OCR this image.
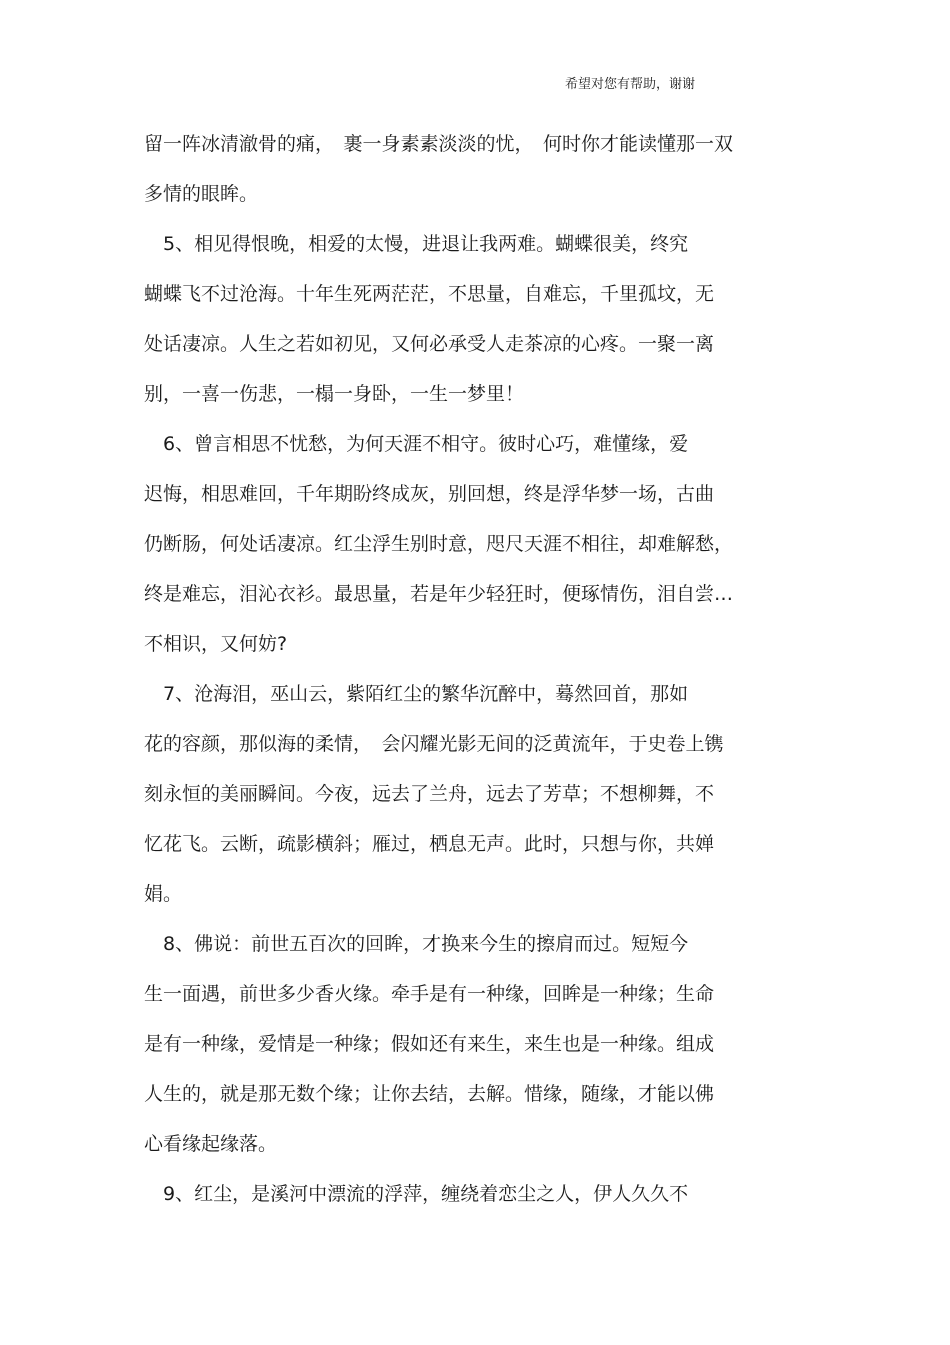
希望对您有帮助，谢谢
留一阵冰清澈骨的痛，　裹一身素素淡淡的忧，　何时你才能读懂那一双
多情的眼眸。
　5、相见得恨晚，相爱的太慢，进退让我两难。蝴蝶很美，终究
蝴蝶飞不过沧海。十年生死两茫茫，不思量，自难忘，千里孤坟，无
处话凄凉。人生之若如初见，又何必承受人走茶凉的心疼。一聚一离
别，一喜一伤悲，一榻一身卧，一生一梦里！
　6、曾言相思不忧愁，为何天涯不相守。彼时心巧，难懂缘，爱
迟悔，相思难回，千年期盼终成灰，别回想，终是浮华梦一场，古曲
仍断肠，何处话凄凉。红尘浮生别时意，咫尺天涯不相往，却难解愁，
终是难忘，泪沁衣衫。最思量，若是年少轻狂时，便琢情伤，泪自尝…
不相识，又何妨?
　7、沧海泪，巫山云，紫陌红尘的繁华沉醉中，蓦然回首，那如
花的容颜，那似海的柔情，　会闪耀光影无间的泛黄流年，于史卷上镌
刻永恒的美丽瞬间。今夜，远去了兰舟，远去了芳草；不想柳舞，不
忆花飞。云断，疏影横斜；雁过，栖息无声。此时，只想与你，共婵
娟。
　8、佛说：前世五百次的回眸，才换来今生的擦肩而过。短短今
生一面遇，前世多少香火缘。牵手是有一种缘，回眸是一种缘；生命
是有一种缘，爱情是一种缘；假如还有来生，来生也是一种缘。组成
人生的，就是那无数个缘；让你去结，去解。惜缘，随缘，才能以佛
心看缘起缘落。
　9、红尘，是溪河中漂流的浮萍，缠绕着恋尘之人，伊人久久不
